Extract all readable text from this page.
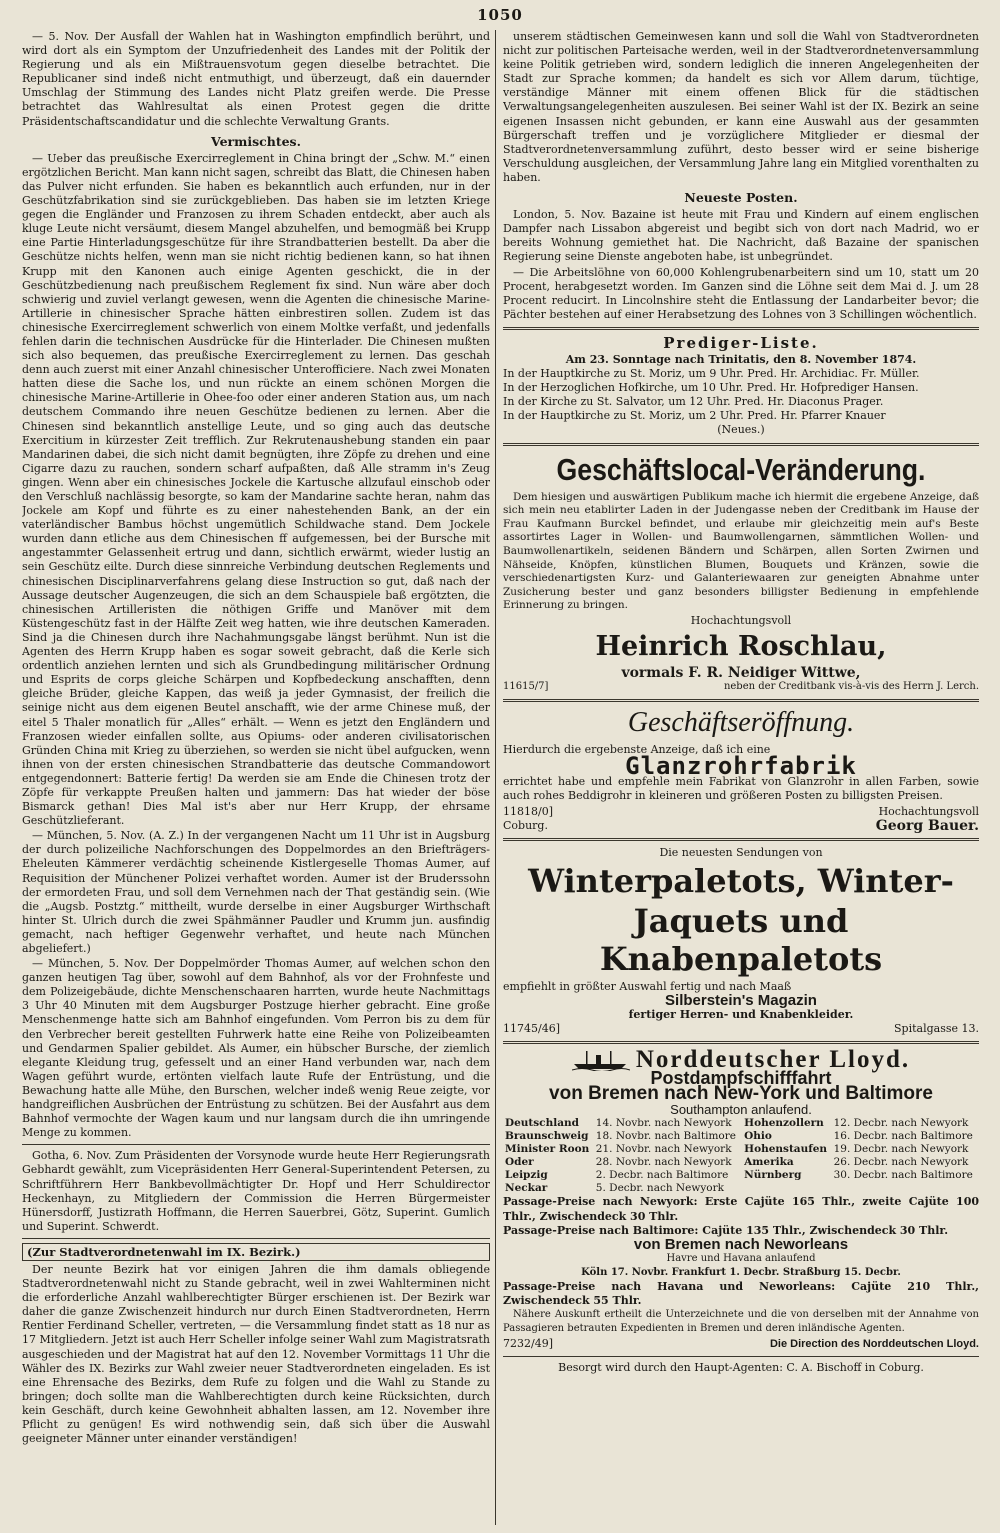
1050

— 5. Nov. Der Ausfall der Wahlen hat in Washington empfindlich berührt, und wird dort als ein Symptom der Unzufriedenheit des Landes mit der Politik der Regierung und als ein Mißtrauensvotum gegen dieselbe betrachtet. Die Republicaner sind indeß nicht entmuthigt, und überzeugt, daß ein dauernder Umschlag der Stimmung des Landes nicht Platz greifen werde. Die Presse betrachtet das Wahlresultat als einen Protest gegen die dritte Präsidentschaftscandidatur und die schlechte Verwaltung Grants.

Vermischtes.

— Ueber das preußische Exercirreglement in China bringt der „Schw. M.“ einen ergötzlichen Bericht. Man kann nicht sagen, schreibt das Blatt, die Chinesen haben das Pulver nicht erfunden. Sie haben es bekanntlich auch erfunden, nur in der Geschützfabrikation sind sie zurückgeblieben. Das haben sie im letzten Kriege gegen die Engländer und Franzosen zu ihrem Schaden entdeckt, aber auch als kluge Leute nicht versäumt, diesem Mangel abzuhelfen, und bemogmäß bei Krupp eine Partie Hinterladungsgeschütze für ihre Strandbatterien bestellt. Da aber die Geschütze nichts helfen, wenn man sie nicht richtig bedienen kann, so hat ihnen Krupp mit den Kanonen auch einige Agenten geschickt, die in der Geschützbedienung nach preußischem Reglement fix sind. Nun wäre aber doch schwierig und zuviel verlangt gewesen, wenn die Agenten die chinesische Marine-Artillerie in chinesischer Sprache hätten einbrestiren sollen. Zudem ist das chinesische Exercirreglement schwerlich von einem Moltke verfaßt, und jedenfalls fehlen darin die technischen Ausdrücke für die Hinterlader. Die Chinesen mußten sich also bequemen, das preußische Exercirreglement zu lernen. Das geschah denn auch zuerst mit einer Anzahl chinesischer Unterofficiere. Nach zwei Monaten hatten diese die Sache los, und nun rückte an einem schönen Morgen die chinesische Marine-Artillerie in Ohee-foo oder einer anderen Station aus, um nach deutschem Commando ihre neuen Geschütze bedienen zu lernen. Aber die Chinesen sind bekanntlich anstellige Leute, und so ging auch das deutsche Exercitium in kürzester Zeit trefflich. Zur Rekrutenaushebung standen ein paar Mandarinen dabei, die sich nicht damit begnügten, ihre Zöpfe zu drehen und eine Cigarre dazu zu rauchen, sondern scharf aufpaßten, daß Alle stramm in's Zeug gingen. Wenn aber ein chinesisches Jockele die Kartusche allzufaul einschob oder den Verschluß nachlässig besorgte, so kam der Mandarine sachte heran, nahm das Jockele am Kopf und führte es zu einer nahestehenden Bank, an der ein vaterländischer Bambus höchst ungemütlich Schildwache stand. Dem Jockele wurden dann etliche aus dem Chinesischen ff aufgemessen, bei der Bursche mit angestammter Gelassenheit ertrug und dann, sichtlich erwärmt, wieder lustig an sein Geschütz eilte. Durch diese sinnreiche Verbindung deutschen Reglements und chinesischen Disciplinarverfahrens gelang diese Instruction so gut, daß nach der Aussage deutscher Augenzeugen, die sich an dem Schauspiele baß ergötzten, die chinesischen Artilleristen die nöthigen Griffe und Manöver mit dem Küstengeschütz fast in der Hälfte Zeit weg hatten, wie ihre deutschen Kameraden. Sind ja die Chinesen durch ihre Nachahmungsgabe längst berühmt. Nun ist die Agenten des Herrn Krupp haben es sogar soweit gebracht, daß die Kerle sich ordentlich anziehen lernten und sich als Grundbedingung militärischer Ordnung und Esprits de corps gleiche Schärpen und Kopfbedeckung anschafften, denn gleiche Brüder, gleiche Kappen, das weiß ja jeder Gymnasist, der freilich die seinige nicht aus dem eigenen Beutel anschafft, wie der arme Chinese muß, der eitel 5 Thaler monatlich für „Alles“ erhält. — Wenn es jetzt den Engländern und Franzosen wieder einfallen sollte, aus Opiums- oder anderen civilisatorischen Gründen China mit Krieg zu überziehen, so werden sie nicht übel aufgucken, wenn ihnen von der ersten chinesischen Strandbatterie das deutsche Commandowort entgegendonnert: Batterie fertig! Da werden sie am Ende die Chinesen trotz der Zöpfe für verkappte Preußen halten und jammern: Das hat wieder der böse Bismarck gethan! Dies Mal ist's aber nur Herr Krupp, der ehrsame Geschützlieferant.

— München, 5. Nov. (A. Z.) In der vergangenen Nacht um 11 Uhr ist in Augsburg der durch polizeiliche Nachforschungen des Doppelmordes an den Briefträgers-Eheleuten Kämmerer verdächtig scheinende Kistlergeselle Thomas Aumer, auf Requisition der Münchener Polizei verhaftet worden. Aumer ist der Bruderssohn der ermordeten Frau, und soll dem Vernehmen nach der That geständig sein. (Wie die „Augsb. Postztg.“ mittheilt, wurde derselbe in einer Augsburger Wirthschaft hinter St. Ulrich durch die zwei Spähmänner Paudler und Krumm jun. ausfindig gemacht, nach heftiger Gegenwehr verhaftet, und heute nach München abgeliefert.)

— München, 5. Nov. Der Doppelmörder Thomas Aumer, auf welchen schon den ganzen heutigen Tag über, sowohl auf dem Bahnhof, als vor der Frohnfeste und dem Polizeigebäude, dichte Menschenschaaren harrten, wurde heute Nachmittags 3 Uhr 40 Minuten mit dem Augsburger Postzuge hierher gebracht. Eine große Menschenmenge hatte sich am Bahnhof eingefunden. Vom Perron bis zu dem für den Verbrecher bereit gestellten Fuhrwerk hatte eine Reihe von Polizeibeamten und Gendarmen Spalier gebildet. Als Aumer, ein hübscher Bursche, der ziemlich elegante Kleidung trug, gefesselt und an einer Hand verbunden war, nach dem Wagen geführt wurde, ertönten vielfach laute Rufe der Entrüstung, und die Bewachung hatte alle Mühe, den Burschen, welcher indeß wenig Reue zeigte, vor handgreiflichen Ausbrüchen der Entrüstung zu schützen. Bei der Ausfahrt aus dem Bahnhof vermochte der Wagen kaum und nur langsam durch die ihn umringende Menge zu kommen.

Gotha, 6. Nov. Zum Präsidenten der Vorsynode wurde heute Herr Regierungsrath Gebhardt gewählt, zum Vicepräsidenten Herr General-Superintendent Petersen, zu Schriftführern Herr Bankbevollmächtigter Dr. Hopf und Herr Schuldirector Heckenhayn, zu Mitgliedern der Commission die Herren Bürgermeister Hünersdorff, Justizrath Hoffmann, die Herren Sauerbrei, Götz, Superint. Gumlich und Superint. Schwerdt.

(Zur Stadtverordnetenwahl im IX. Bezirk.)

Der neunte Bezirk hat vor einigen Jahren die ihm damals obliegende Stadtverordnetenwahl nicht zu Stande gebracht, weil in zwei Wahlterminen nicht die erforderliche Anzahl wahlberechtigter Bürger erschienen ist. Der Bezirk war daher die ganze Zwischenzeit hindurch nur durch Einen Stadtverordneten, Herrn Rentier Ferdinand Scheller, vertreten, — die Versammlung findet statt as 18 nur as 17 Mitgliedern. Jetzt ist auch Herr Scheller infolge seiner Wahl zum Magistratsrath ausgeschieden und der Magistrat hat auf den 12. November Vormittags 11 Uhr die Wähler des IX. Bezirks zur Wahl zweier neuer Stadtverordneten eingeladen. Es ist eine Ehrensache des Bezirks, dem Rufe zu folgen und die Wahl zu Stande zu bringen; doch sollte man die Wahlberechtigten durch keine Rücksichten, durch kein Geschäft, durch keine Gewohnheit abhalten lassen, am 12. November ihre Pflicht zu genügen! Es wird nothwendig sein, daß sich über die Auswahl geeigneter Männer unter einander verständigen!

unserem städtischen Gemeinwesen kann und soll die Wahl von Stadtverordneten nicht zur politischen Parteisache werden, weil in der Stadtverordnetenversammlung keine Politik getrieben wird, sondern lediglich die inneren Angelegenheiten der Stadt zur Sprache kommen; da handelt es sich vor Allem darum, tüchtige, verständige Männer mit einem offenen Blick für die städtischen Verwaltungsangelegenheiten auszulesen. Bei seiner Wahl ist der IX. Bezirk an seine eigenen Insassen nicht gebunden, er kann eine Auswahl aus der gesammten Bürgerschaft treffen und je vorzüglichere Mitglieder er diesmal der Stadtverordnetenversammlung zuführt, desto besser wird er seine bisherige Verschuldung ausgleichen, der Versammlung Jahre lang ein Mitglied vorenthalten zu haben.

Neueste Posten.

London, 5. Nov. Bazaine ist heute mit Frau und Kindern auf einem englischen Dampfer nach Lissabon abgereist und begibt sich von dort nach Madrid, wo er bereits Wohnung gemiethet hat. Die Nachricht, daß Bazaine der spanischen Regierung seine Dienste angeboten habe, ist unbegründet.

— Die Arbeitslöhne von 60,000 Kohlengrubenarbeitern sind um 10, statt um 20 Procent, herabgesetzt worden. Im Ganzen sind die Löhne seit dem Mai d. J. um 28 Procent reducirt. In Lincolnshire steht die Entlassung der Landarbeiter bevor; die Pächter bestehen auf einer Herabsetzung des Lohnes von 3 Schillingen wöchentlich.

Prediger-Liste.
Am 23. Sonntage nach Trinitatis, den 8. November 1874.
In der Hauptkirche zu St. Moriz, um 9 Uhr. Pred. Hr. Archidiac. Fr. Müller.
In der Herzoglichen Hofkirche, um 10 Uhr. Pred. Hr. Hofprediger Hansen.
In der Kirche zu St. Salvator, um 12 Uhr. Pred. Hr. Diaconus Prager.
In der Hauptkirche zu St. Moriz, um 2 Uhr. Pred. Hr. Pfarrer Knauer
(Neues.)
Geschäftslocal-Veränderung.

Dem hiesigen und auswärtigen Publikum mache ich hiermit die ergebene Anzeige, daß sich mein neu etablirter Laden in der Judengasse neben der Creditbank im Hause der Frau Kaufmann Burckel befindet, und erlaube mir gleichzeitig mein auf's Beste assortirtes Lager in Wollen- und Baumwollengarnen, sämmtlichen Wollen- und Baumwollenartikeln, seidenen Bändern und Schärpen, allen Sorten Zwirnen und Nähseide, Knöpfen, künstlichen Blumen, Bouquets und Kränzen, sowie die verschiedenartigsten Kurz- und Galanteriewaaren zur geneigten Abnahme unter Zusicherung bester und ganz besonders billigster Bedienung in empfehlende Erinnerung zu bringen.

Hochachtungsvoll
Heinrich Roschlau,
vormals F. R. Neidiger Wittwe,
11615/7]	neben der Creditbank vis-à-vis des Herrn J. Lerch.
Geschäftseröffnung.
Hierdurch die ergebenste Anzeige, daß ich eine
Glanzrohrfabrik

errichtet habe und empfehle mein Fabrikat von Glanzrohr in allen Farben, sowie auch rohes Beddigrohr in kleineren und größeren Posten zu billigsten Preisen.

11818/0]	Hochachtungsvoll
Coburg.	Georg Bauer.
Die neuesten Sendungen von
Winterpaletots, Winter-
Jaquets und Knabenpaletots
empfiehlt in größter Auswahl fertig und nach Maaß
Silberstein's Magazin
fertiger Herren- und Knabenkleider.
11745/46]	Spitalgasse 13.
Norddeutscher Lloyd.
Postdampfschifffahrt
von Bremen nach New-York und Baltimore
Southampton anlaufend.
Deutschland	14. Novbr. nach Newyork	Hohenzollern	12. Decbr. nach Newyork
Braunschweig	18. Novbr. nach Baltimore	Ohio	16. Decbr. nach Baltimore
Minister Roon	21. Novbr. nach Newyork	Hohenstaufen	19. Decbr. nach Newyork
Oder	28. Novbr. nach Newyork	Amerika	26. Decbr. nach Newyork
Leipzig	2. Decbr. nach Baltimore	Nürnberg	30. Decbr. nach Baltimore
Neckar	5. Decbr. nach Newyork		
Passage-Preise nach Newyork: Erste Cajüte 165 Thlr., zweite Cajüte 100 Thlr., Zwischendeck 30 Thlr.
Passage-Preise nach Baltimore: Cajüte 135 Thlr., Zwischendeck 30 Thlr.
von Bremen nach Neworleans
Havre und Havana anlaufend
Köln 17. Novbr. Frankfurt 1. Decbr. Straßburg 15. Decbr.
Passage-Preise nach Havana und Neworleans: Cajüte 210 Thlr., Zwischendeck 55 Thlr.

Nähere Auskunft ertheilt die Unterzeichnete und die von derselben mit der Annahme von Passagieren betrauten Expedienten in Bremen und deren inländische Agenten.

7232/49]	Die Direction des Norddeutschen Lloyd.
Besorgt wird durch den Haupt-Agenten: C. A. Bischoff in Coburg.
